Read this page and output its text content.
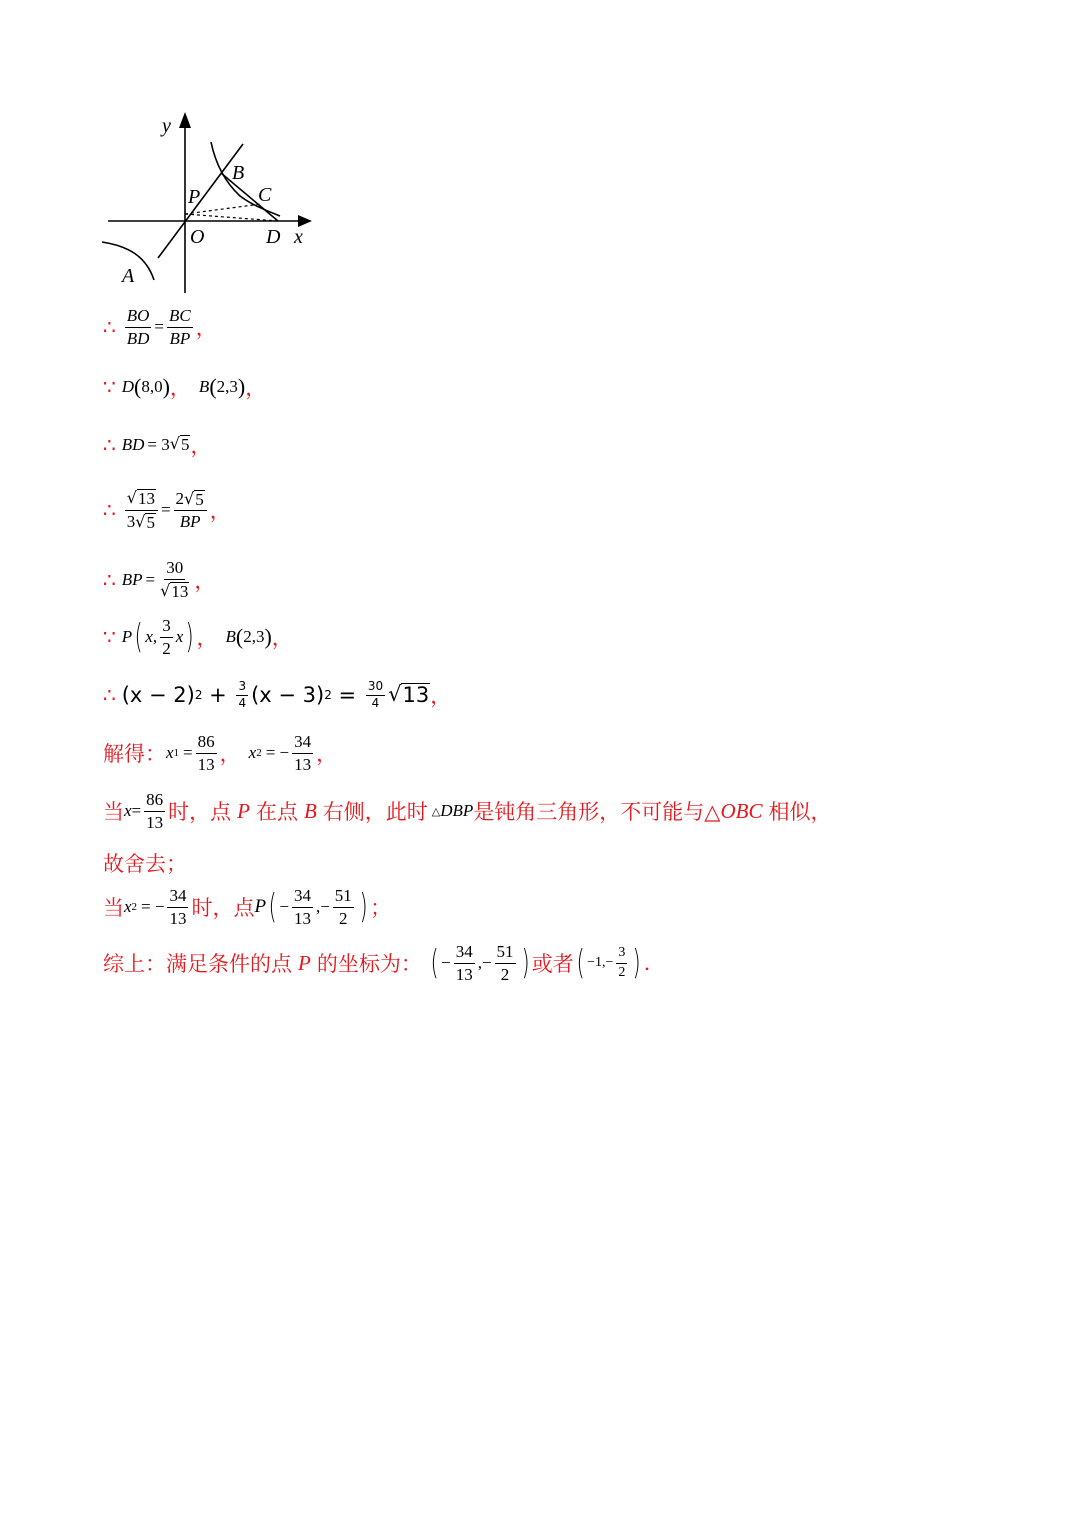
y
x
B
C
P
O	D
A
∴ $\frac{BO}{BD} = \frac{BC}{BP}$ ，
∵ D ( 8,0 ) ， B ( 2,3 ) ，
∴ BD = 3 √ 5 ，
∴ $\frac{√ 13}{3 √ 5} = \frac{2 √ 5}{BP}$ ，
∴ BP = $\frac{30}{√ 13}$ ，
∵ P ( x, $\frac{3}{2}$ x ) ， B ( 2,3 ) ，
∴ (x − 2) $2 + \frac{3}{4} (x - 3) 2 = \frac{30}{4}$ √ 13 ，
解得： x $1 = \frac{86}{13}$ ， x 2 = − $\frac{34}{13}$ ，
当 $x = \frac{86}{13}$ 时，点 P 在点 B 右侧，此时 △ DBP 是钝角三角形，不可能与△ OBC 相似，
故舍去；
当 x 2 = − $\frac{34}{13}$ 时，点 P ( − $\frac{34}{13}$ ,− $\frac{51}{2}$ ) ；
综上：满足条件的点 P 的坐标为： ( − $\frac{34}{13}$ ,− $\frac{51}{2}$ ) 或者 ( $-1,- \frac{3}{2}$ ) .
